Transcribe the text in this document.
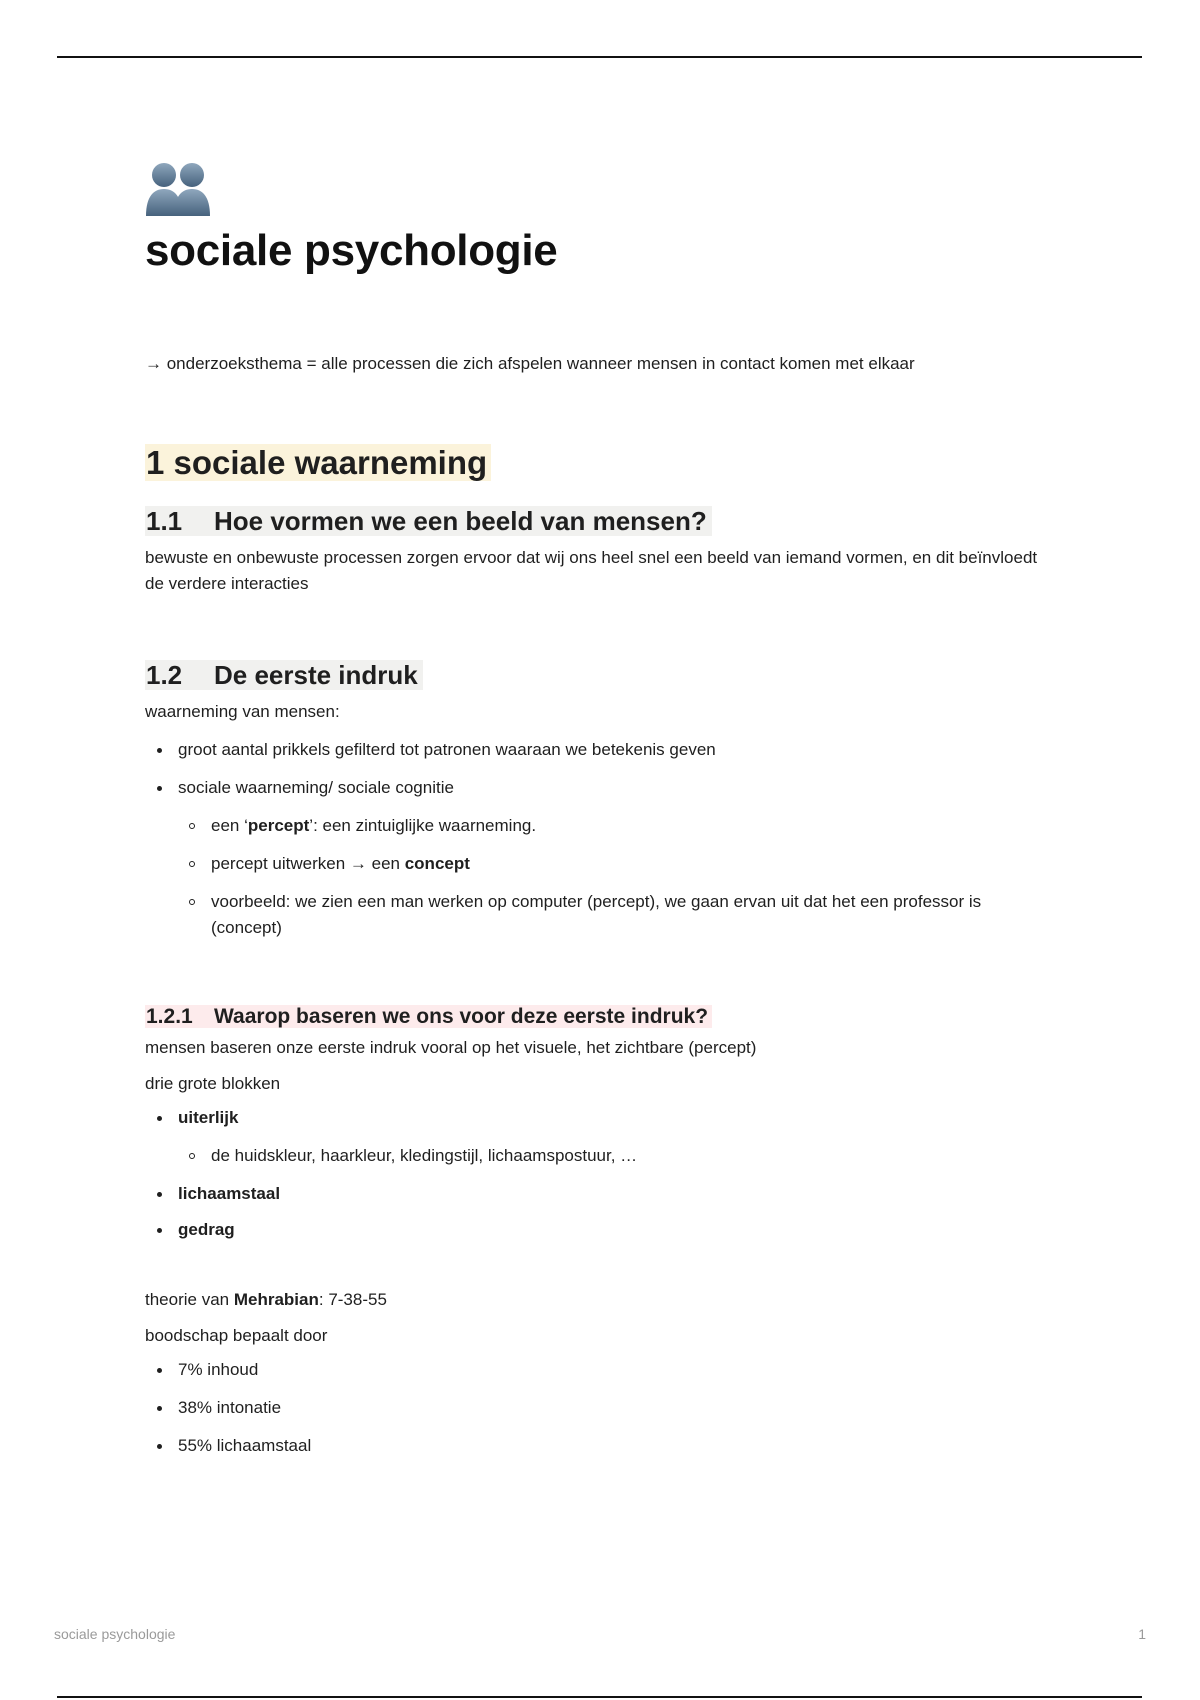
sociale psychologie

→ onderzoeksthema = alle processen die zich afspelen wanneer mensen in contact komen met elkaar

1 sociale waarneming
1.1 Hoe vormen we een beeld van mensen?

bewuste en onbewuste processen zorgen ervoor dat wij ons heel snel een beeld van iemand vormen, en dit beïnvloedt de verdere interacties

1.2 De eerste indruk

waarneming van mensen:

groot aantal prikkels gefilterd tot patronen waaraan we betekenis geven
sociale waarneming/ sociale cognitie
een ‘percept’: een zintuiglijke waarneming.
percept uitwerken → een concept
voorbeeld: we zien een man werken op computer (percept), we gaan ervan uit dat het een professor is (concept)
1.2.1 Waarop baseren we ons voor deze eerste indruk?

mensen baseren onze eerste indruk vooral op het visuele, het zichtbare (percept)

drie grote blokken

uiterlijk
de huidskleur, haarkleur, kledingstijl, lichaamspostuur, …
lichaamstaal
gedrag

theorie van Mehrabian: 7-38-55

boodschap bepaalt door

7% inhoud
38% intonatie
55% lichaamstaal
sociale psychologie	1
